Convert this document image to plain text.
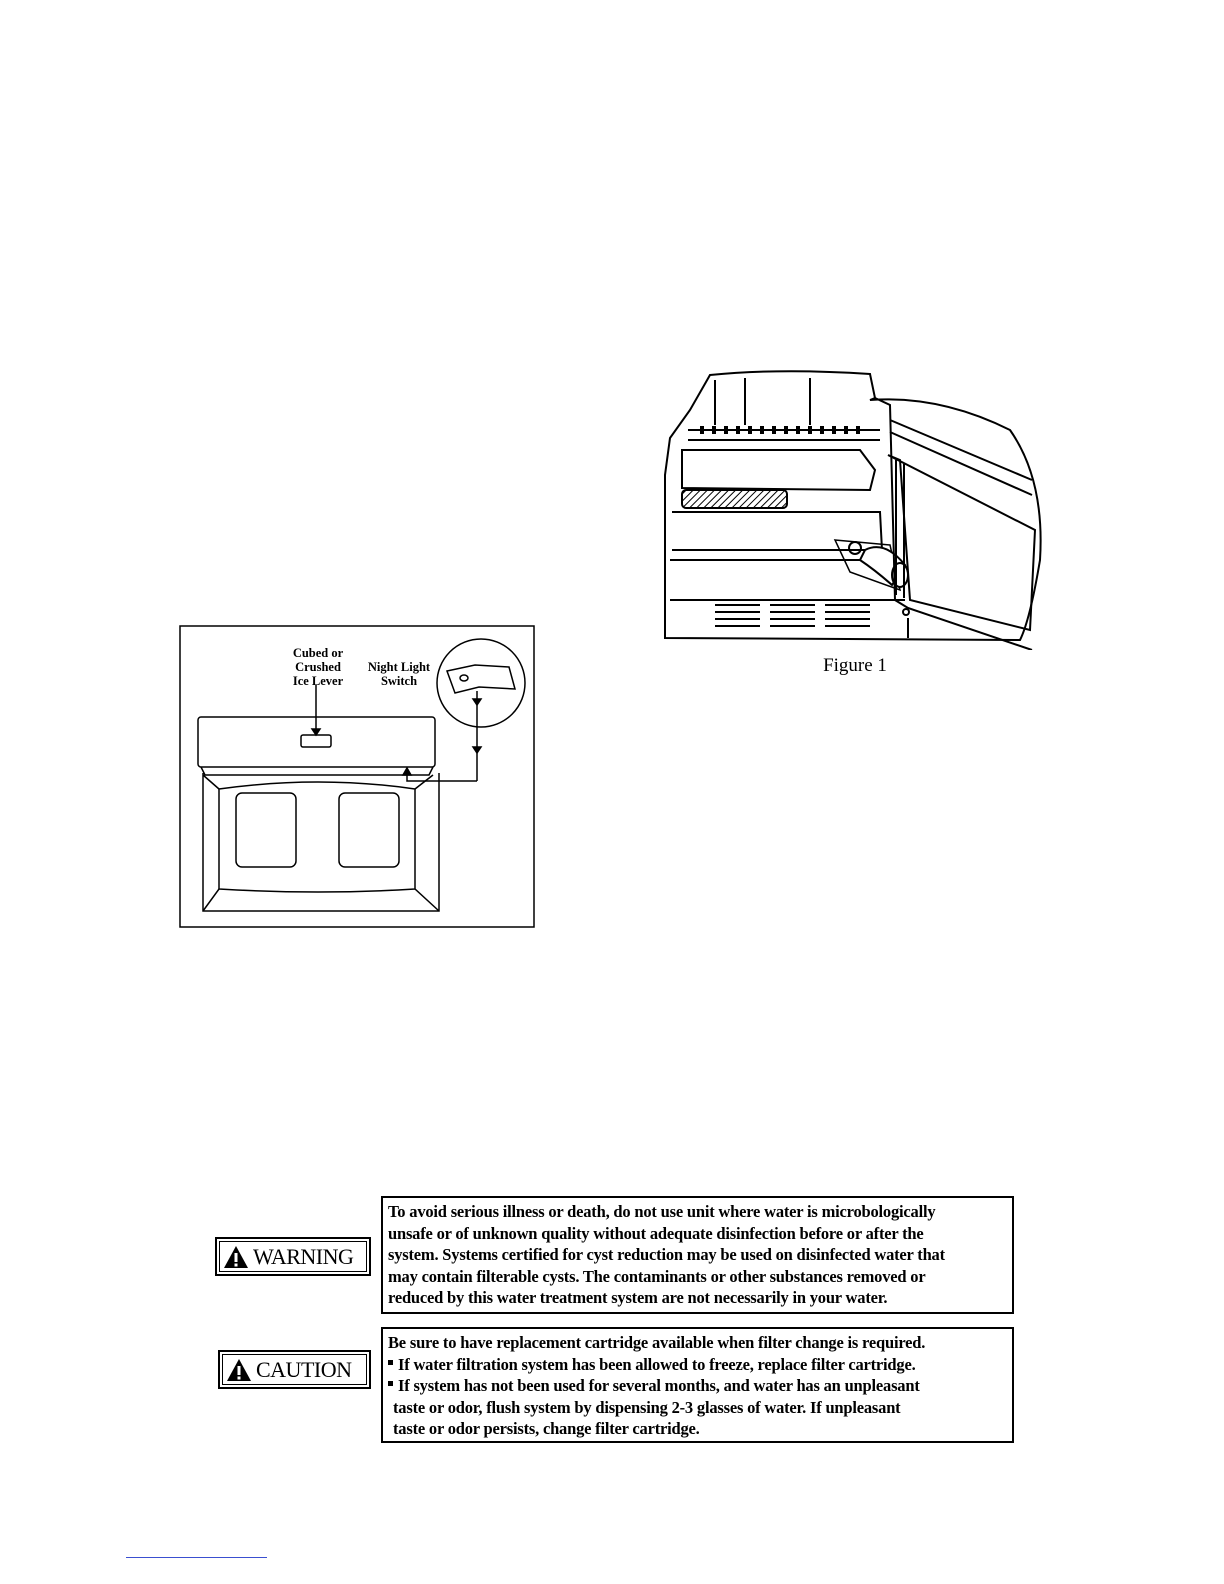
Figure 1
Cubed or
Crushed
Ice Lever
Night Light
Switch
WARNING
To avoid serious illness or death, do not use unit where water is microbologically
unsafe or of unknown quality without adequate disinfection before or after the
system. Systems certified for cyst reduction may be used on disinfected water that
may contain filterable cysts. The contaminants or other substances removed or
reduced by this water treatment system are not necessarily in your water.
CAUTION
Be sure to have replacement cartridge available when filter change is required.
If water filtration system has been allowed to freeze, replace filter cartridge.
If system has not been used for several months, and water has an unpleasant
taste or odor, flush system by dispensing 2-3 glasses of water. If unpleasant
taste or odor persists, change filter cartridge.
